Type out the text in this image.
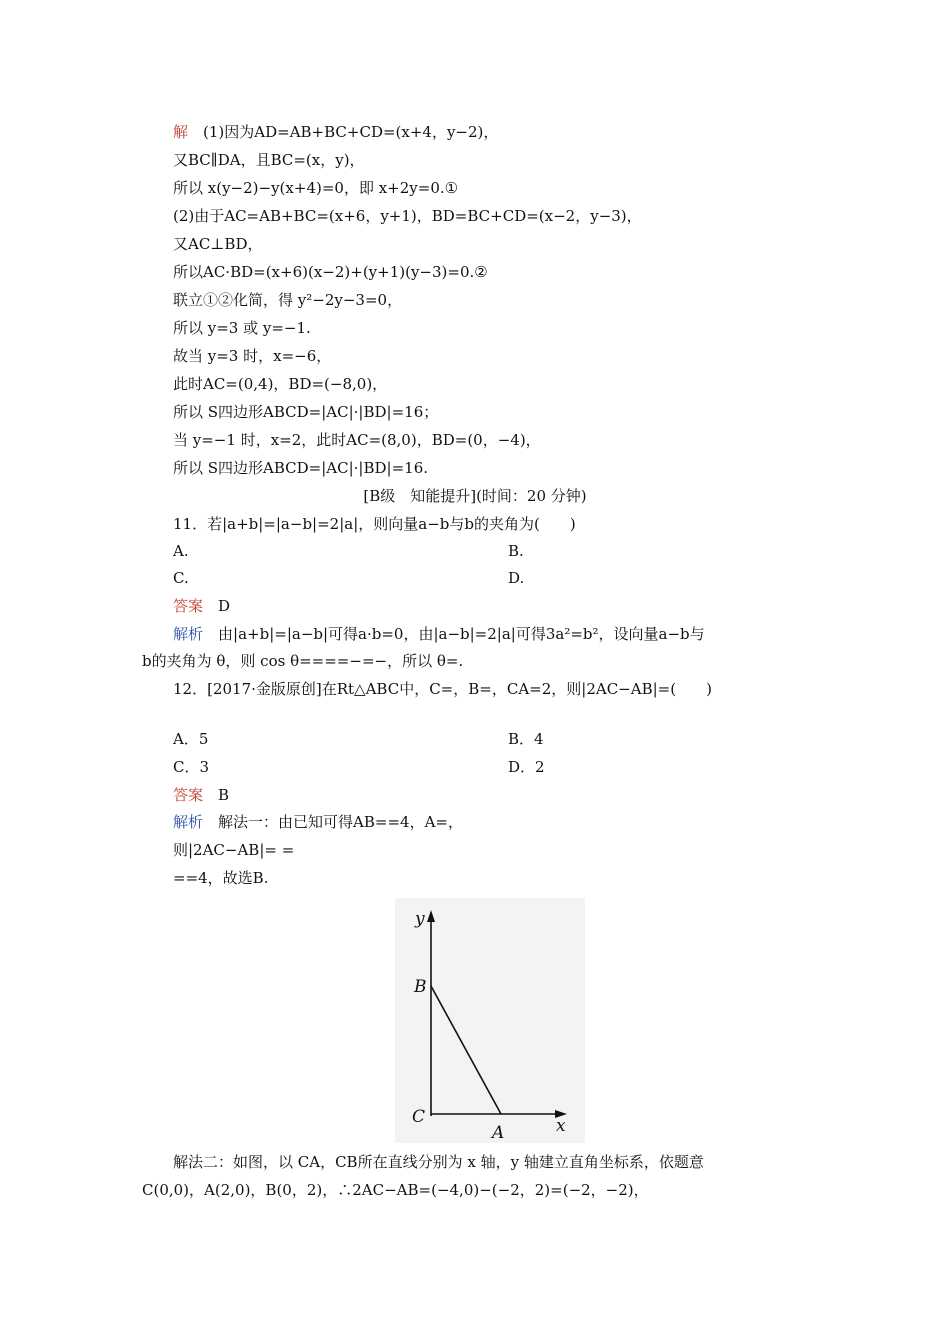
解　(1)因为AD=AB+BC+CD=(x+4，y−2)，
又BC∥DA，且BC=(x，y)，
所以 x(y−2)−y(x+4)=0，即 x+2y=0.①
(2)由于AC=AB+BC=(x+6，y+1)，BD=BC+CD=(x−2，y−3)，
又AC⊥BD，
所以AC·BD=(x+6)(x−2)+(y+1)(y−3)=0.②
联立①②化简，得 y²−2y−3=0，
所以 y=3 或 y=−1.
故当 y=3 时，x=−6，
此时AC=(0,4)，BD=(−8,0)，
所以 S四边形ABCD=|AC|·|BD|=16；
当 y=−1 时，x=2，此时AC=(8,0)，BD=(0，−4)，
所以 S四边形ABCD=|AC|·|BD|=16.
[B级　知能提升](时间：20 分钟)
11．若|a+b|=|a−b|=2|a|，则向量a−b与b的夹角为(　　)
A.	B.
C.	D.
答案　 D
解析　 由|a+b|=|a−b|可得a·b=0，由|a−b|=2|a|可得3a²=b²，设向量a−b与
b的夹角为 θ，则 cos θ====−=−，所以 θ=.
12．[2017·金版原创]在Rt△ABC中，C=，B=，CA=2，则|2AC−AB|=(　　)
A．5	B．4
C．3	D．2
答案　 B
解析　 解法一：由已知可得AB==4，A=，
则|2AC−AB|= =
==4，故选B.
y
x
B
C
A
解法二：如图，以 CA，CB所在直线分别为 x 轴，y 轴建立直角坐标系，依题意
C(0,0)，A(2,0)，B(0，2)，∴2AC−AB=(−4,0)−(−2，2)=(−2，−2)，
